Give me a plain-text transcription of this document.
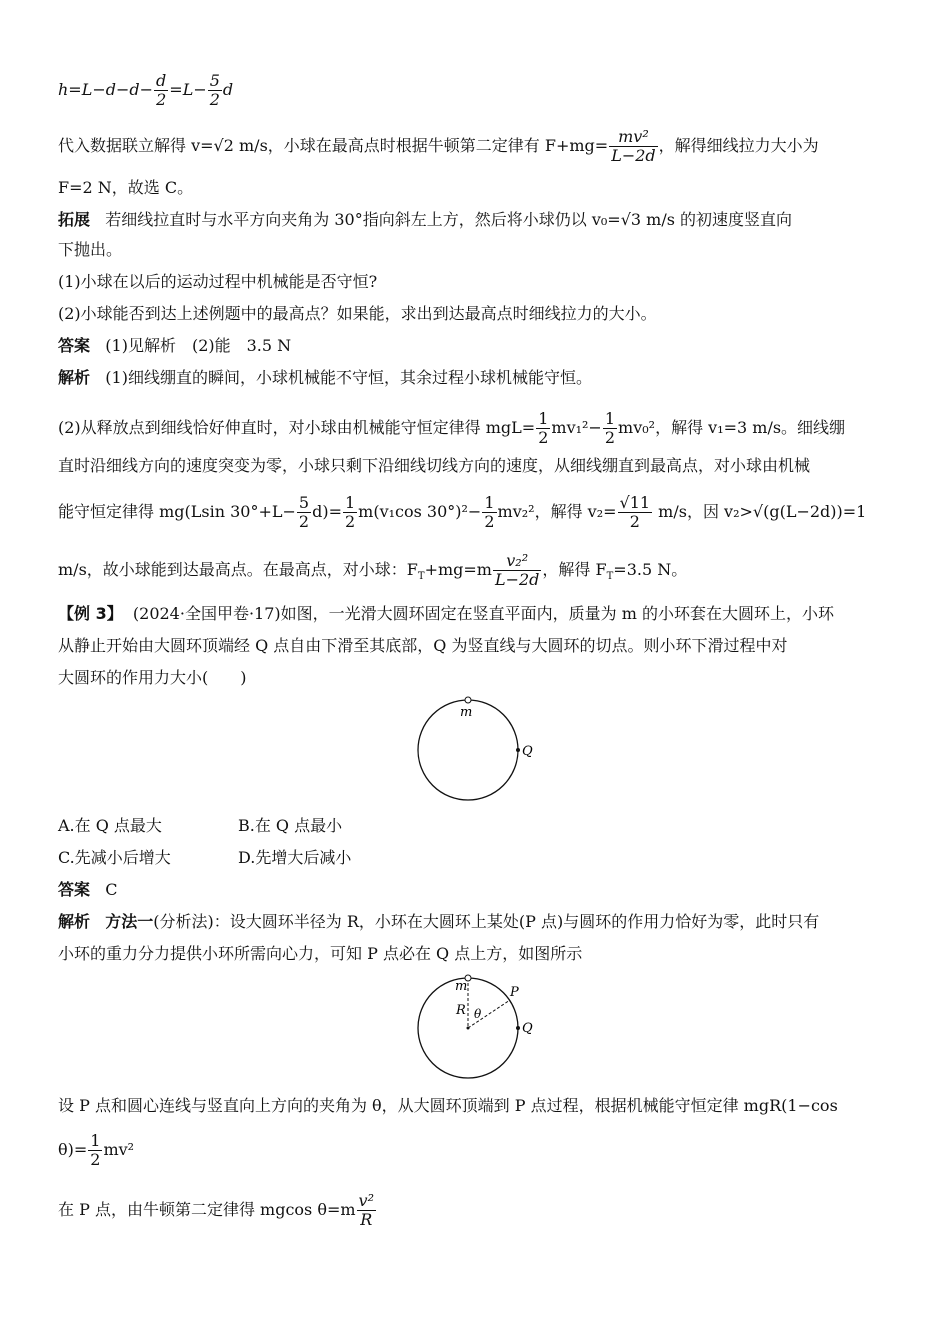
$h=L-d-d- \frac{d}{2} =L- \frac{5}{2}$ d
代入数据联立解得 v=√2 m/s，小球在最高点时根据牛顿第二定律有 $F+mg= \frac{\text{mv²}}{L-2d}$ ，解得细线拉力大小为
F=2 N，故选 C。
拓展 若细线拉直时与水平方向夹角为 30°指向斜左上方，然后将小球仍以 v₀=√3 m/s 的初速度竖直向
下抛出。
(1)小球在以后的运动过程中机械能是否守恒?
(2)小球能否到达上述例题中的最高点？如果能，求出到达最高点时细线拉力的大小。
答案 (1)见解析　(2)能　3.5 N
解析 (1)细线绷直的瞬间，小球机械能不守恒，其余过程小球机械能守恒。
(2)从释放点到细线恰好伸直时，对小球由机械能守恒定律得 $mgL= \frac{1}{2} mv_1^2- \frac{1}{2} mv_0^2$，解得 v₁=3 m/s。细线绷
直时沿细线方向的速度突变为零，小球只剩下沿细线切线方向的速度，从细线绷直到最高点，对小球由机械
能守恒定律得 mg(Lsin $30^\circ+L- \frac{5}{2} d)= \frac{1}{2} m(v_1\cos$ $30^\circ)^2- \frac{1}{2} mv_2^2$，解得 $v_2= \frac{√11}{2} m/s$，因 v₂>√(g(L−2d))=1
m/s，故小球能到达最高点。在最高点，对小球：$F_T+mg=m \frac{\text{v₂²}}{L-2d}$ ，解得 $F_T=3.5$ N。
【例 3】 (2024·全国甲卷·17)如图，一光滑大圆环固定在竖直平面内，质量为 m 的小环套在大圆环上，小环
从静止开始由大圆环顶端经 Q 点自由下滑至其底部，Q 为竖直线与大圆环的切点。则小环下滑过程中对
大圆环的作用力大小(　　)
m
Q
A.在 Q 点最大	B.在 Q 点最小
C.先减小后增大	D.先增大后减小
答案 C
解析 方法一(分析法)：设大圆环半径为 R，小环在大圆环上某处(P 点)与圆环的作用力恰好为零，此时只有
小环的重力分力提供小环所需向心力，可知 P 点必在 Q 点上方，如图所示
m
R θ
P
Q
设 P 点和圆心连线与竖直向上方向的夹角为 θ，从大圆环顶端到 P 点过程，根据机械能守恒定律 mgR(1−cos
$\theta)= \frac{1}{2} mv^2$
在 P 点，由牛顿第二定律得 mgcos $\theta=m \frac{\text{v²}}{R}$
